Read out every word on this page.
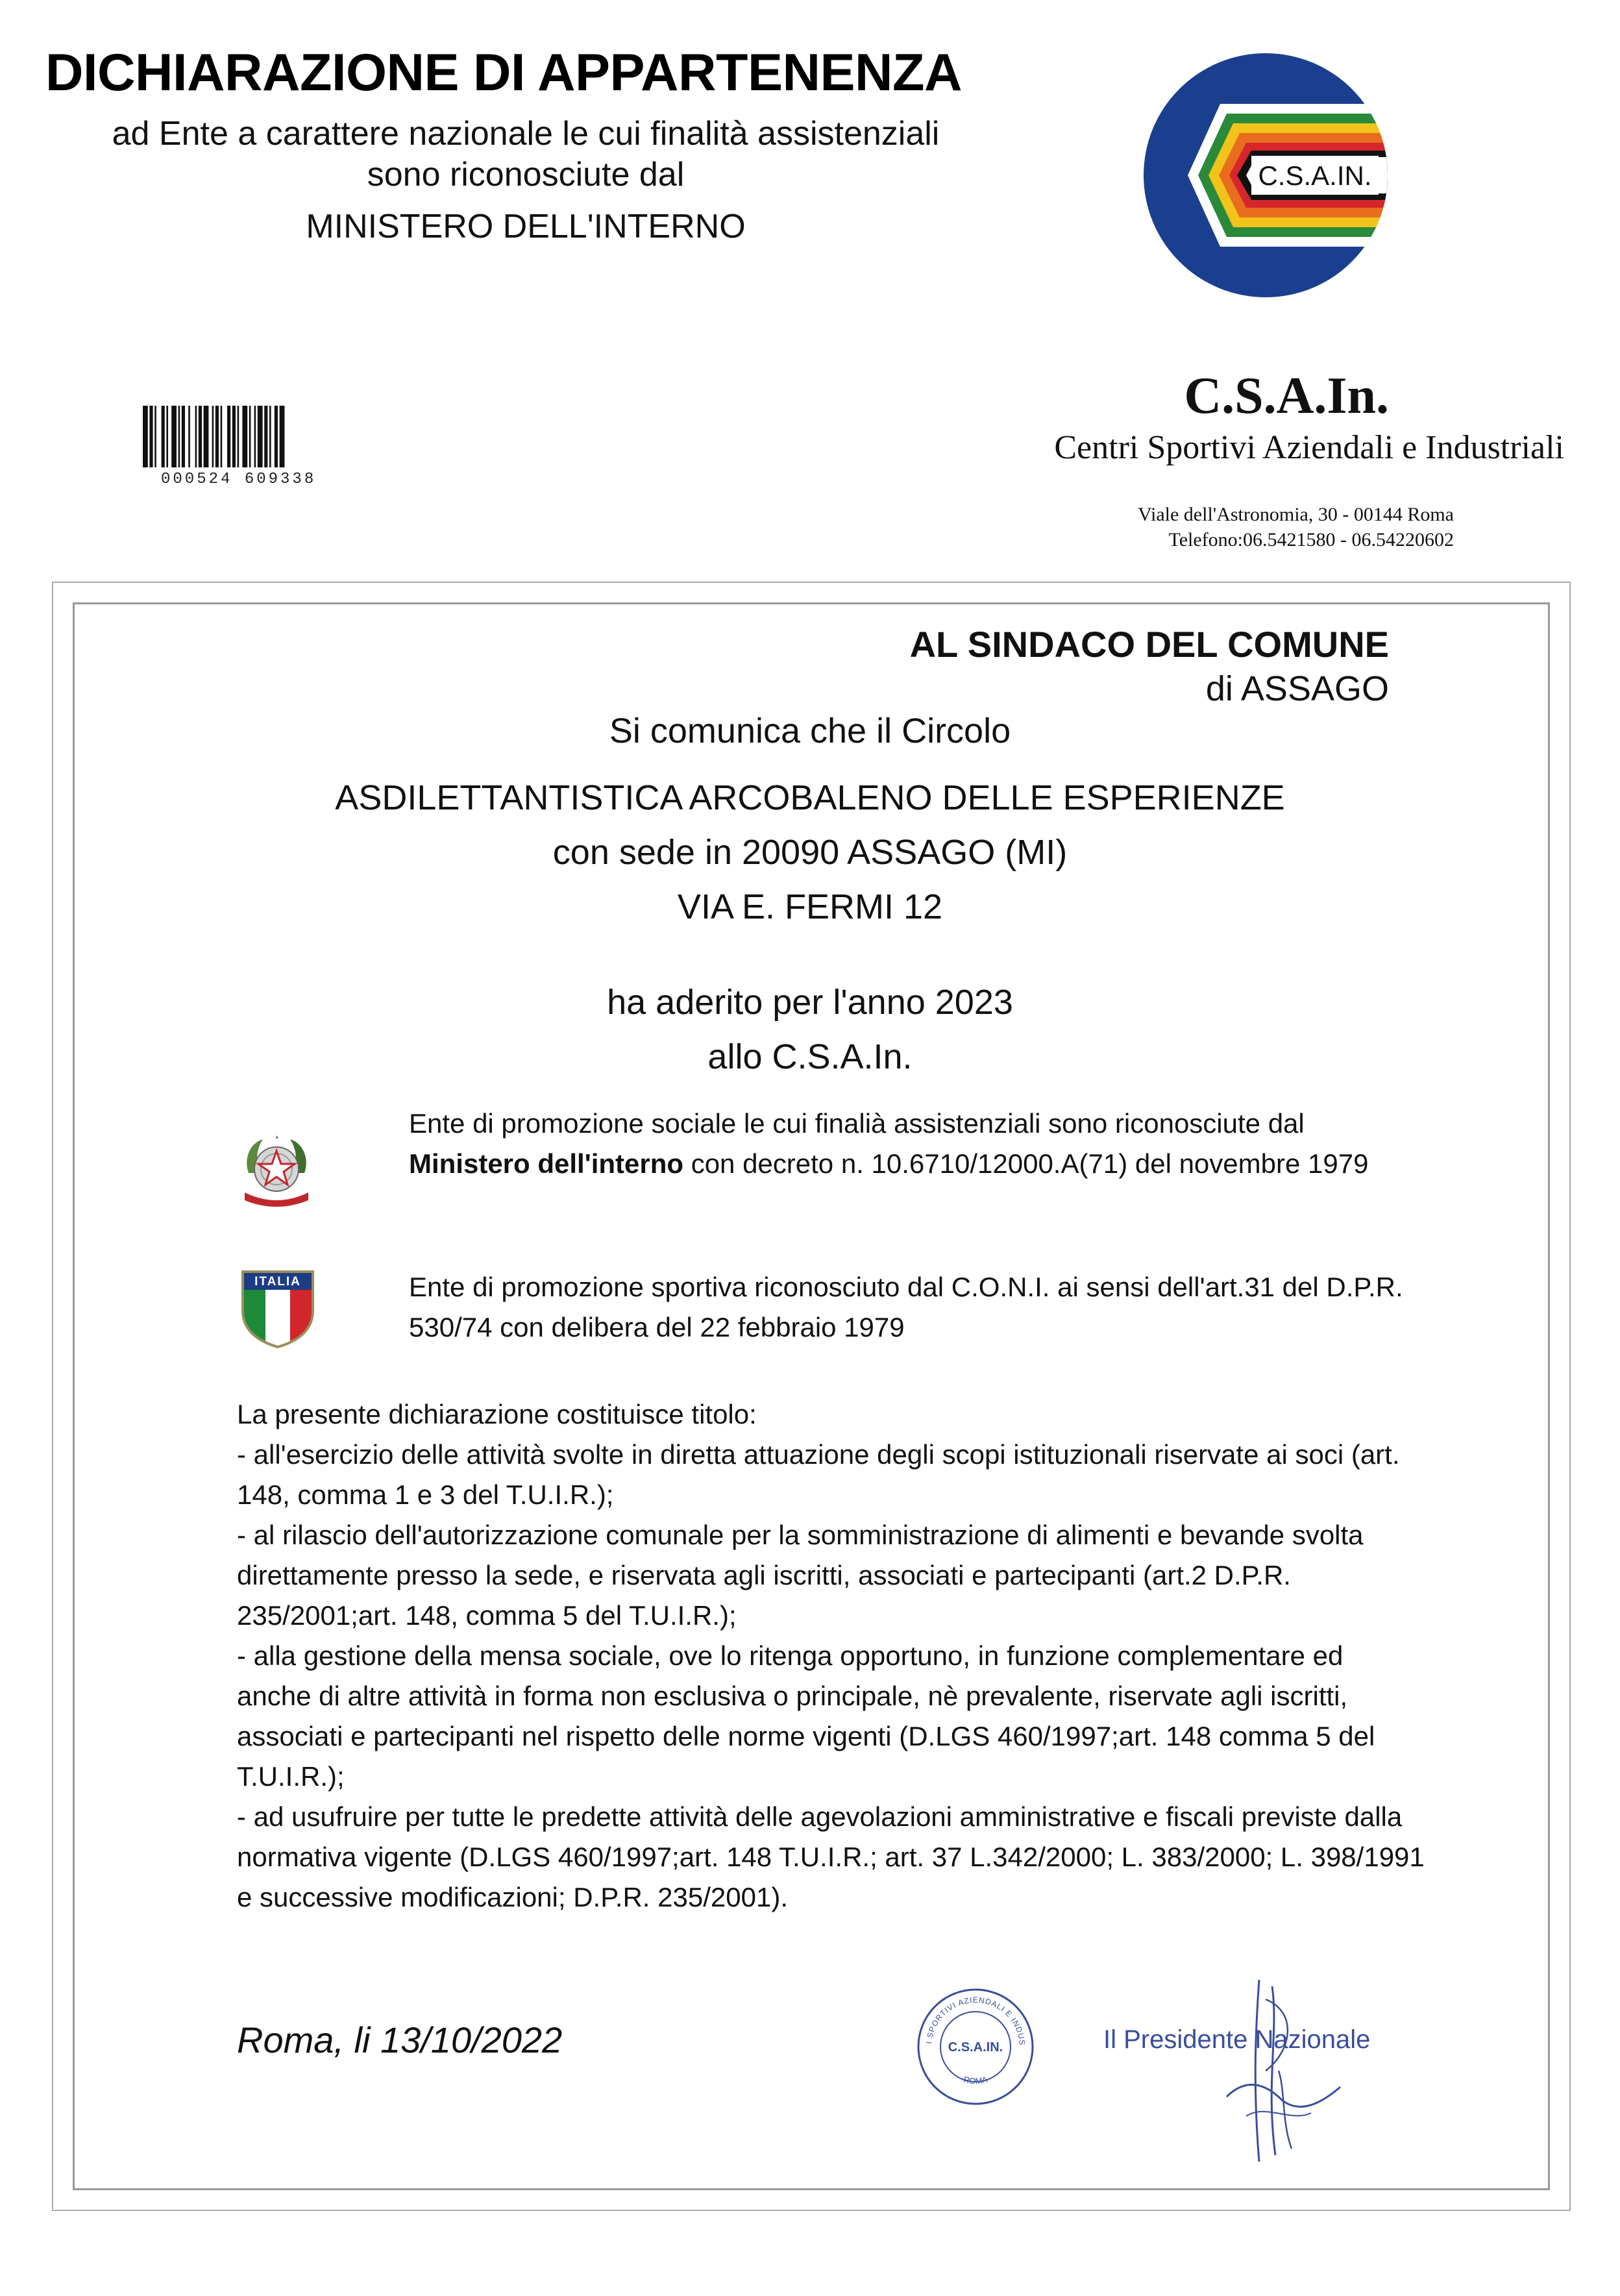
DICHIARAZIONE DI APPARTENENZA
ad Ente a carattere nazionale le cui finalità assistenziali
sono riconosciute dal
MINISTERO DELL'INTERNO
C.S.A.IN.
000524 609338
C.S.A.In.
Centri Sportivi Aziendali e Industriali
Viale dell'Astronomia, 30 - 00144 Roma
Telefono:06.5421580 - 06.54220602
AL SINDACO DEL COMUNE
di ASSAGO
Si comunica che il Circolo
ASDILETTANTISTICA ARCOBALENO DELLE ESPERIENZE
con sede in 20090 ASSAGO (MI)
VIA E. FERMI 12
ha aderito per l'anno 2023
allo C.S.A.In.
Ente di promozione sociale le cui finalià assistenziali sono riconosciute dal Ministero dell'interno con decreto n. 10.6710/12000.A(71) del novembre 1979
ITALIA	Ente di promozione sportiva riconosciuto dal C.O.N.I. ai sensi dell'art.31 del D.P.R. 530/74 con delibera del 22 febbraio 1979
La presente dichiarazione costituisce titolo:
- all'esercizio delle attività svolte in diretta attuazione degli scopi istituzionali riservate ai soci (art. 148, comma 1 e 3 del T.U.I.R.);
- al rilascio dell'autorizzazione comunale per la somministrazione di alimenti e bevande svolta direttamente presso la sede, e riservata agli iscritti, associati e partecipanti (art.2 D.P.R. 235/2001;art. 148, comma 5 del T.U.I.R.);
- alla gestione della mensa sociale, ove lo ritenga opportuno, in funzione complementare ed anche di altre attività in forma non esclusiva o principale, nè prevalente, riservate agli iscritti, associati e partecipanti nel rispetto delle norme vigenti (D.LGS 460/1997;art. 148 comma 5 del T.U.I.R.);
- ad usufruire per tutte le predette attività delle agevolazioni amministrative e fiscali previste dalla normativa vigente (D.LGS 460/1997;art. 148 T.U.I.R.; art. 37 L.342/2000; L. 383/2000; L. 398/1991 e successive modificazioni; D.P.R. 235/2001).
Roma, li 13/10/2022	I SPORTIVI AZIENDALI E INDUS
ROMA
C.S.A.IN.	Il Presidente Nazionale
